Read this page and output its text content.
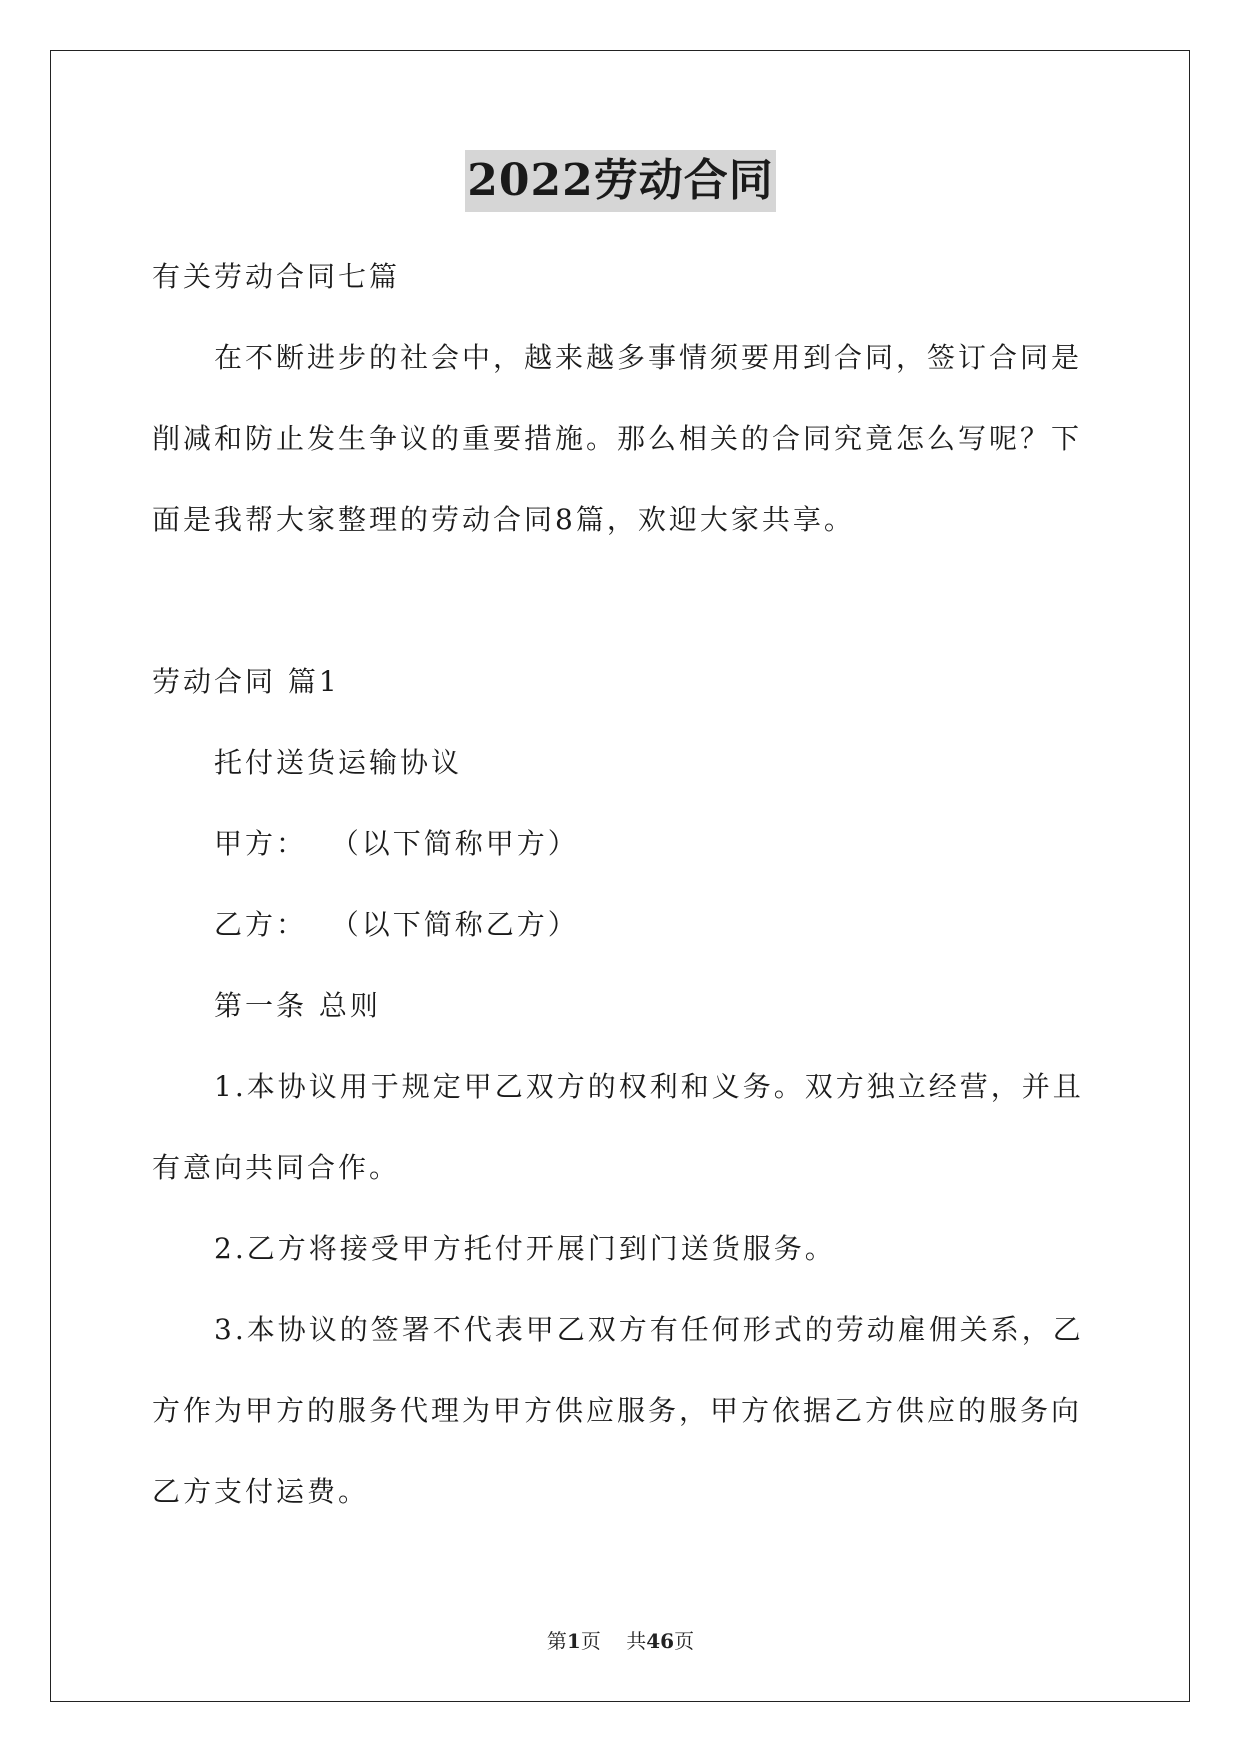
2022劳动合同

有关劳动合同七篇

在不断进步的社会中，越来越多事情须要用到合同，签订合同是
削减和防止发生争议的重要措施。那么相关的合同究竟怎么写呢？下
面是我帮大家整理的劳动合同8篇，欢迎大家共享。

劳动合同 篇1

托付送货运输协议

甲方：  （以下简称甲方）

乙方：  （以下简称乙方）

第一条 总则

1.本协议用于规定甲乙双方的权利和义务。双方独立经营，并且
有意向共同合作。

2.乙方将接受甲方托付开展门到门送货服务。

3.本协议的签署不代表甲乙双方有任何形式的劳动雇佣关系，乙
方作为甲方的服务代理为甲方供应服务，甲方依据乙方供应的服务向
乙方支付运费。
第1页 共46页
